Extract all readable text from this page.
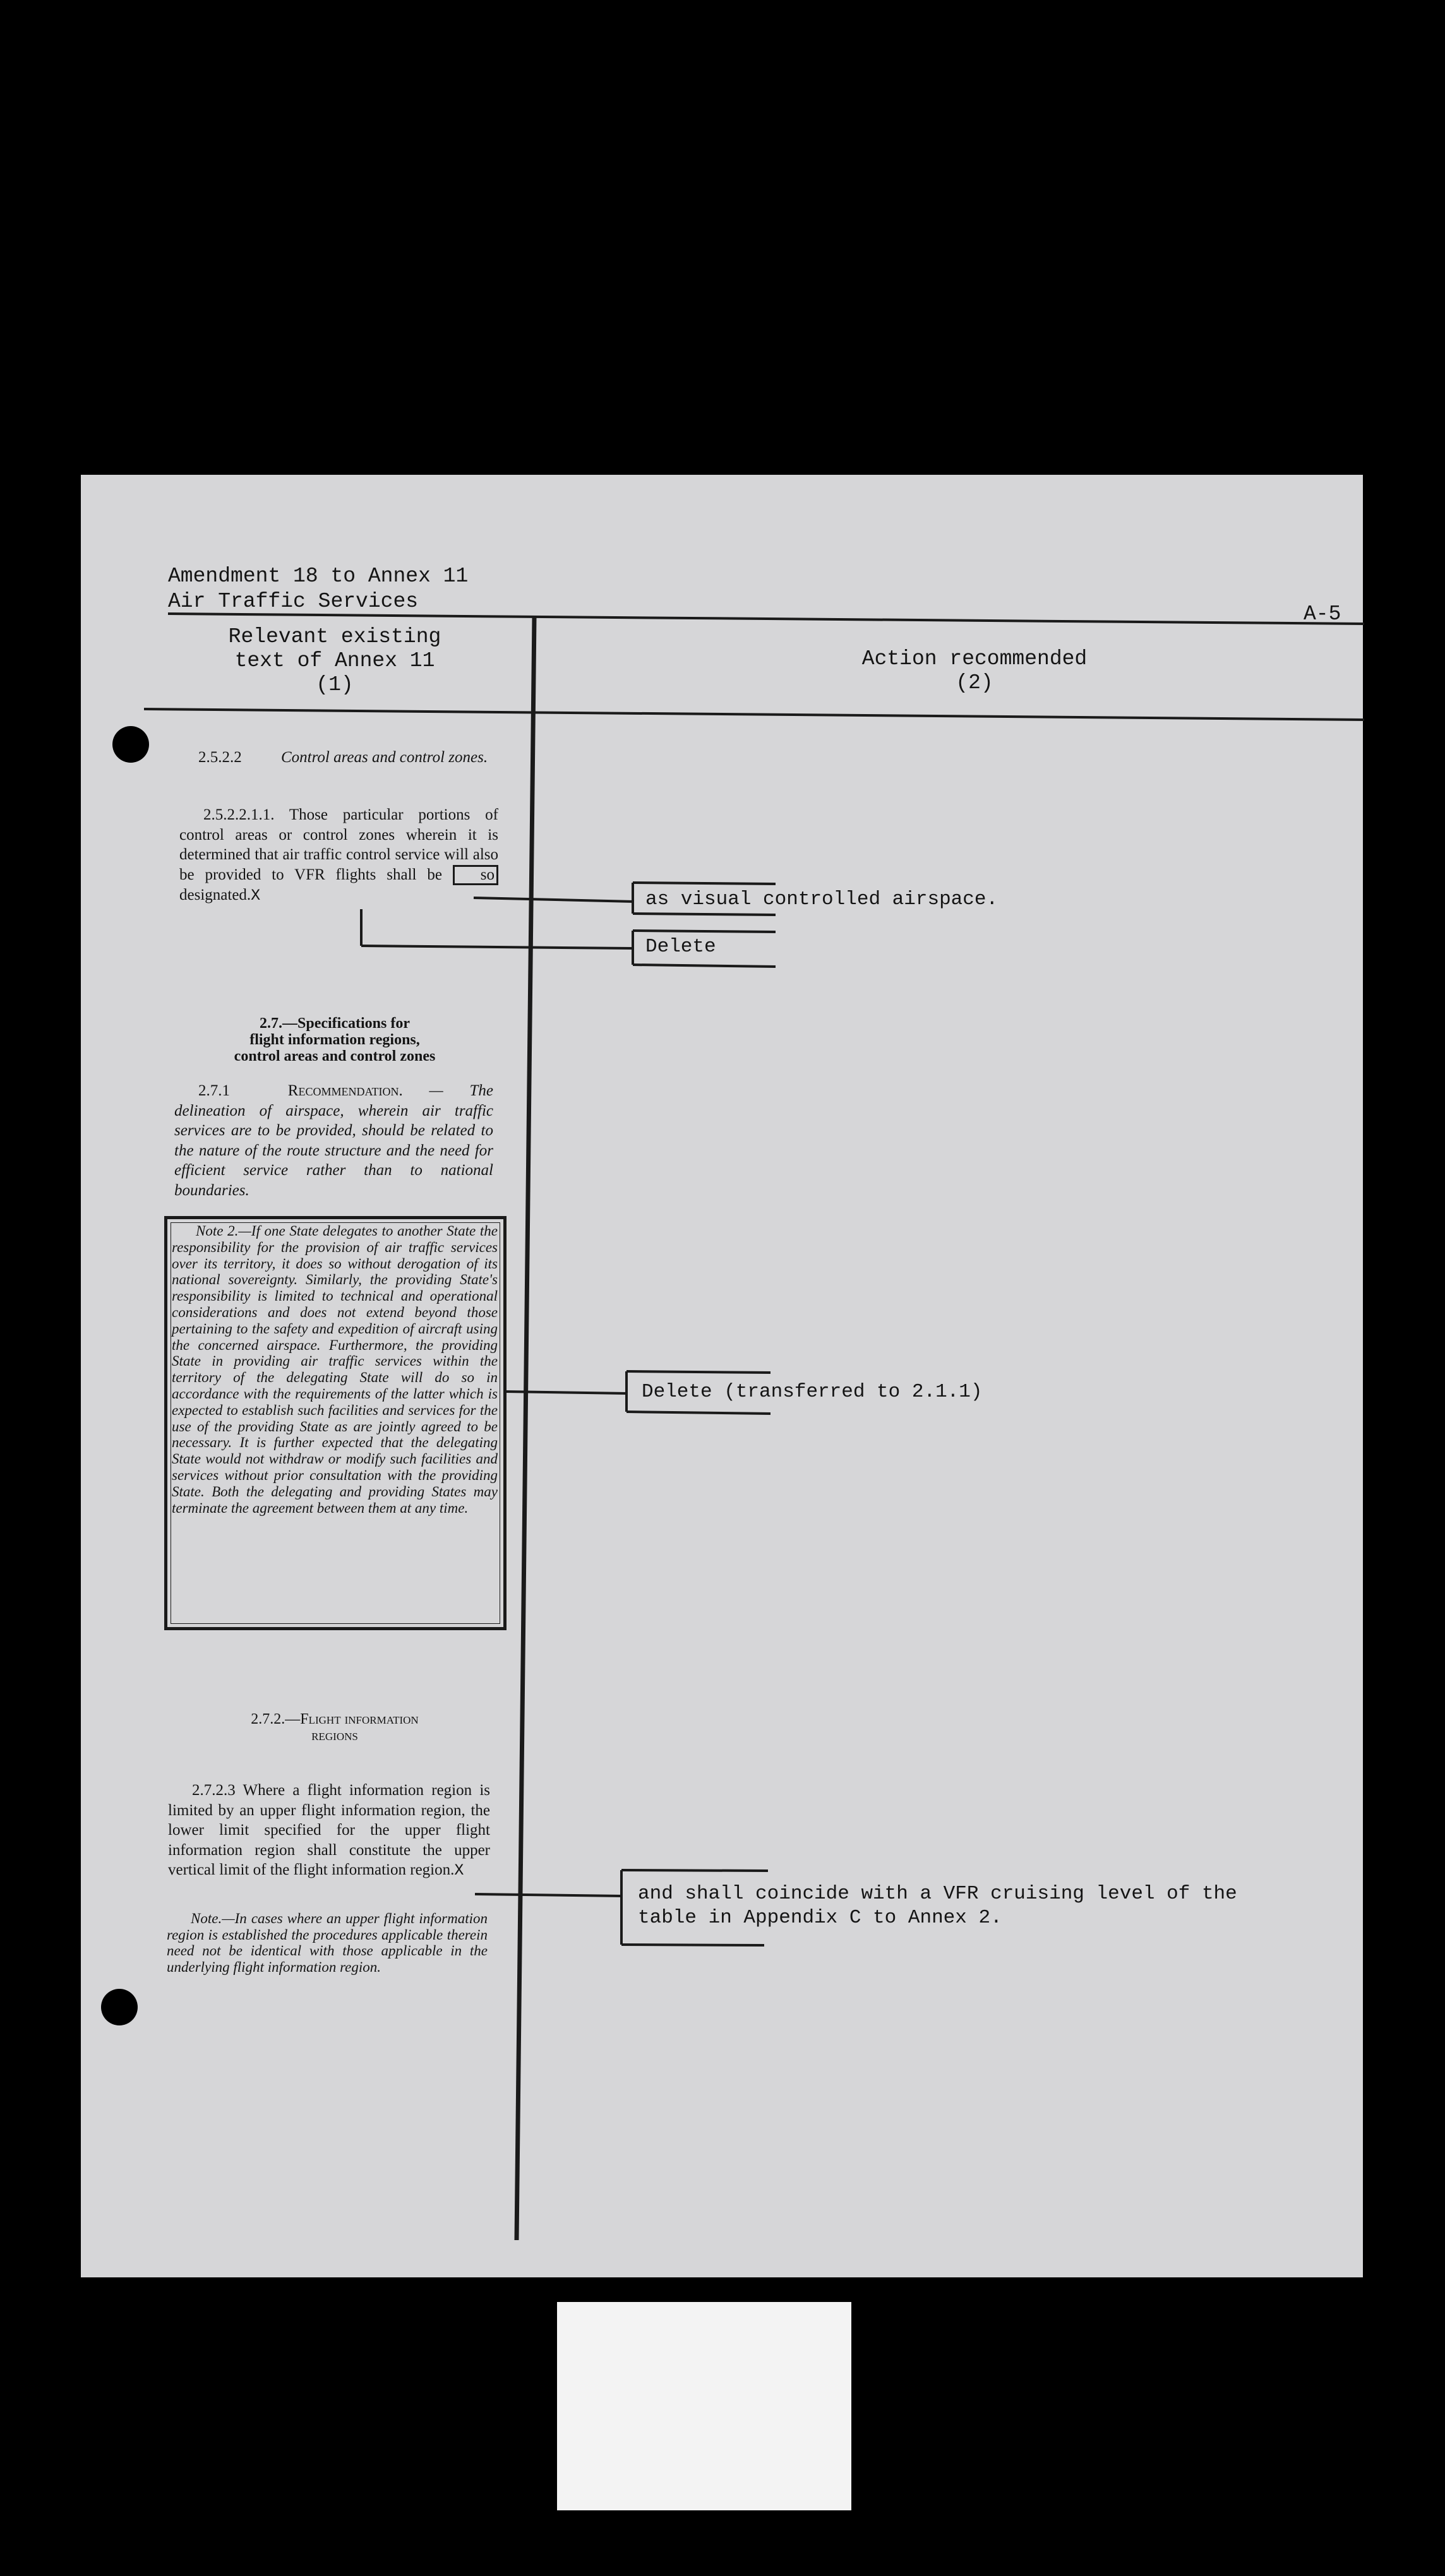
Amendment 18 to Annex 11
Air Traffic Services
A-5
Relevant existing
text of Annex 11
(1)
Action recommended
(2)
2.5.2.2 Control areas and control zones.
2.5.2.2.1.1. Those particular portions of control areas or control zones wherein it is determined that air traffic control service will also be provided to VFR flights shall be so designated.X
2.7.—Specifications for
flight information regions,
control areas and control zones
2.7.1	Recommendation. — The delineation of airspace, wherein air traffic services are to be provided, should be related to the nature of the route structure and the need for efficient service rather than to national boundaries.
Note 2.—If one State delegates to another State the responsibility for the provision of air traffic services over its territory, it does so without derogation of its national sovereignty. Similarly, the providing State's responsibility is limited to technical and operational considerations and does not extend beyond those pertaining to the safety and expedition of aircraft using the concerned airspace. Furthermore, the providing State in providing air traffic services within the territory of the delegating State will do so in accordance with the requirements of the latter which is expected to establish such facilities and services for the use of the providing State as are jointly agreed to be necessary. It is further expected that the delegating State would not withdraw or modify such facilities and services without prior consultation with the providing State. Both the delegating and providing States may terminate the agreement between them at any time.
2.7.2.—Flight information
regions
2.7.2.3 Where a flight information region is limited by an upper flight information region, the lower limit specified for the upper flight information region shall constitute the upper vertical limit of the flight information region.X
Note.—In cases where an upper flight information region is established the procedures applicable therein need not be identical with those applicable in the underlying flight information region.
as visual controlled airspace.
Delete
Delete (transferred to 2.1.1)
and shall coincide with a VFR cruising level of the
table in Appendix C to Annex 2.
